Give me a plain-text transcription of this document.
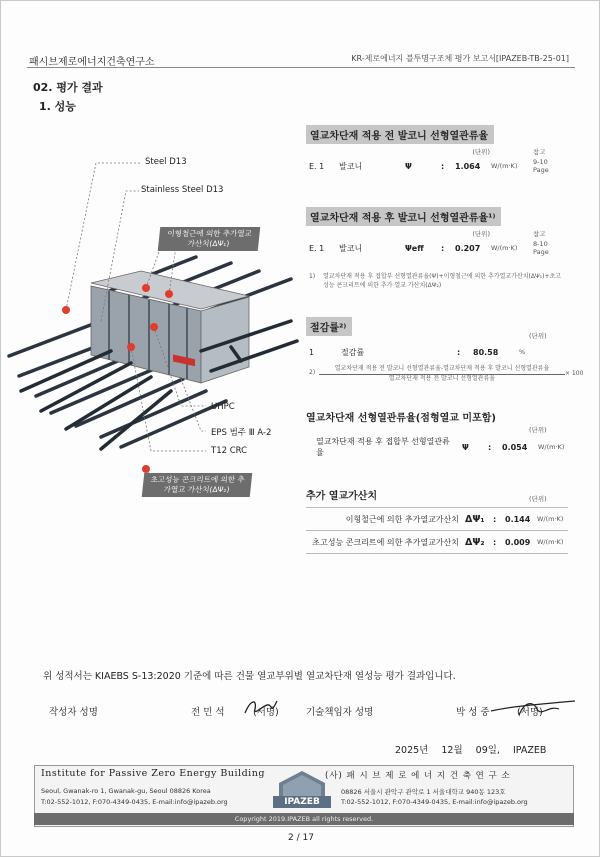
패시브제로에너지건축연구소	KR-제로에너지 블투명구조체 평가 보고서[IPAZEB-TB-25-01]
02. 평가 결과
1. 성능
Steel D13
Stainless Steel D13
이형철근에 의한 추가열교 가산치(ΔΨ₁)
UHPC
EPS 범주 Ⅲ A-2
T12 CRC
초고성능 콘크리트에 의한 추가열교 가산치(ΔΨ₂)
열교차단재 적용 전 발코니 선형열관류율
(단위)						참고
E. 1	발코니	Ψ	:	1.064	W/(m·K)	9-10 Page
열교차단재 적용 후 발코니 선형열관류율¹⁾
(단위)						참고
E. 1	발코니	Ψeff	:	0.207	W/(m·K)	8-10 Page
1)	열교차단재 적용 후 접합부 선형열관류율(Ψ)+이형철근에 의한 추가열교가산치(ΔΨ₁)+초고성능 콘크리트에 의한 추가 열교 가산치(ΔΨ₂)
절감률²⁾
(단위)
1	절감률	:	80.58	%
2)
열교차단재 적용 전 발코니 선형열관류율-열교차단재 적용 후 발코니 선형열관류율
열교차단재 적용 전 발코니 선형열관류율
× 100
열교차단재 선형열관류율(점형열교 미포함)
(단위)
열교차단재 적용 후 접합부 선형열관류율	Ψ	:	0.054	W/(m·K)
추가 열교가산치	(단위)
이형철근에 의한 추가열교가산치	ΔΨ₁	:	0.144	W/(m·K)
초고성능 콘크리트에 의한 추가열교가산치	ΔΨ₂	:	0.009	W/(m·K)
위 성적서는 KIAEBS S-13:2020 기준에 따른 건물 열교부위별 열교차단재 열성능 평가 결과입니다.
작성자 성명	전 민 석	(서명)	기술책임자 성명	박 성 중	(서명)
2025년 12월 09일, IPAZEB
Institute for Passive Zero Energy Building	(사) 패 시 브 제 로 에 너 지 건 축 연 구 소
Seoul, Gwanak-ro 1, Gwanak-gu, Seoul 08826 Korea
T:02-552-1012, F:070-4349-0435, E-mail:info@ipazeb.org
08826 서울시 관악구 관악로 1 서울대학교 940동 123호
T:02-552-1012, F:070-4349-0435, E-mail:info@ipazeb.org
IPAZEB
Copyright 2019.IPAZEB all rights reserved.
2 / 17
